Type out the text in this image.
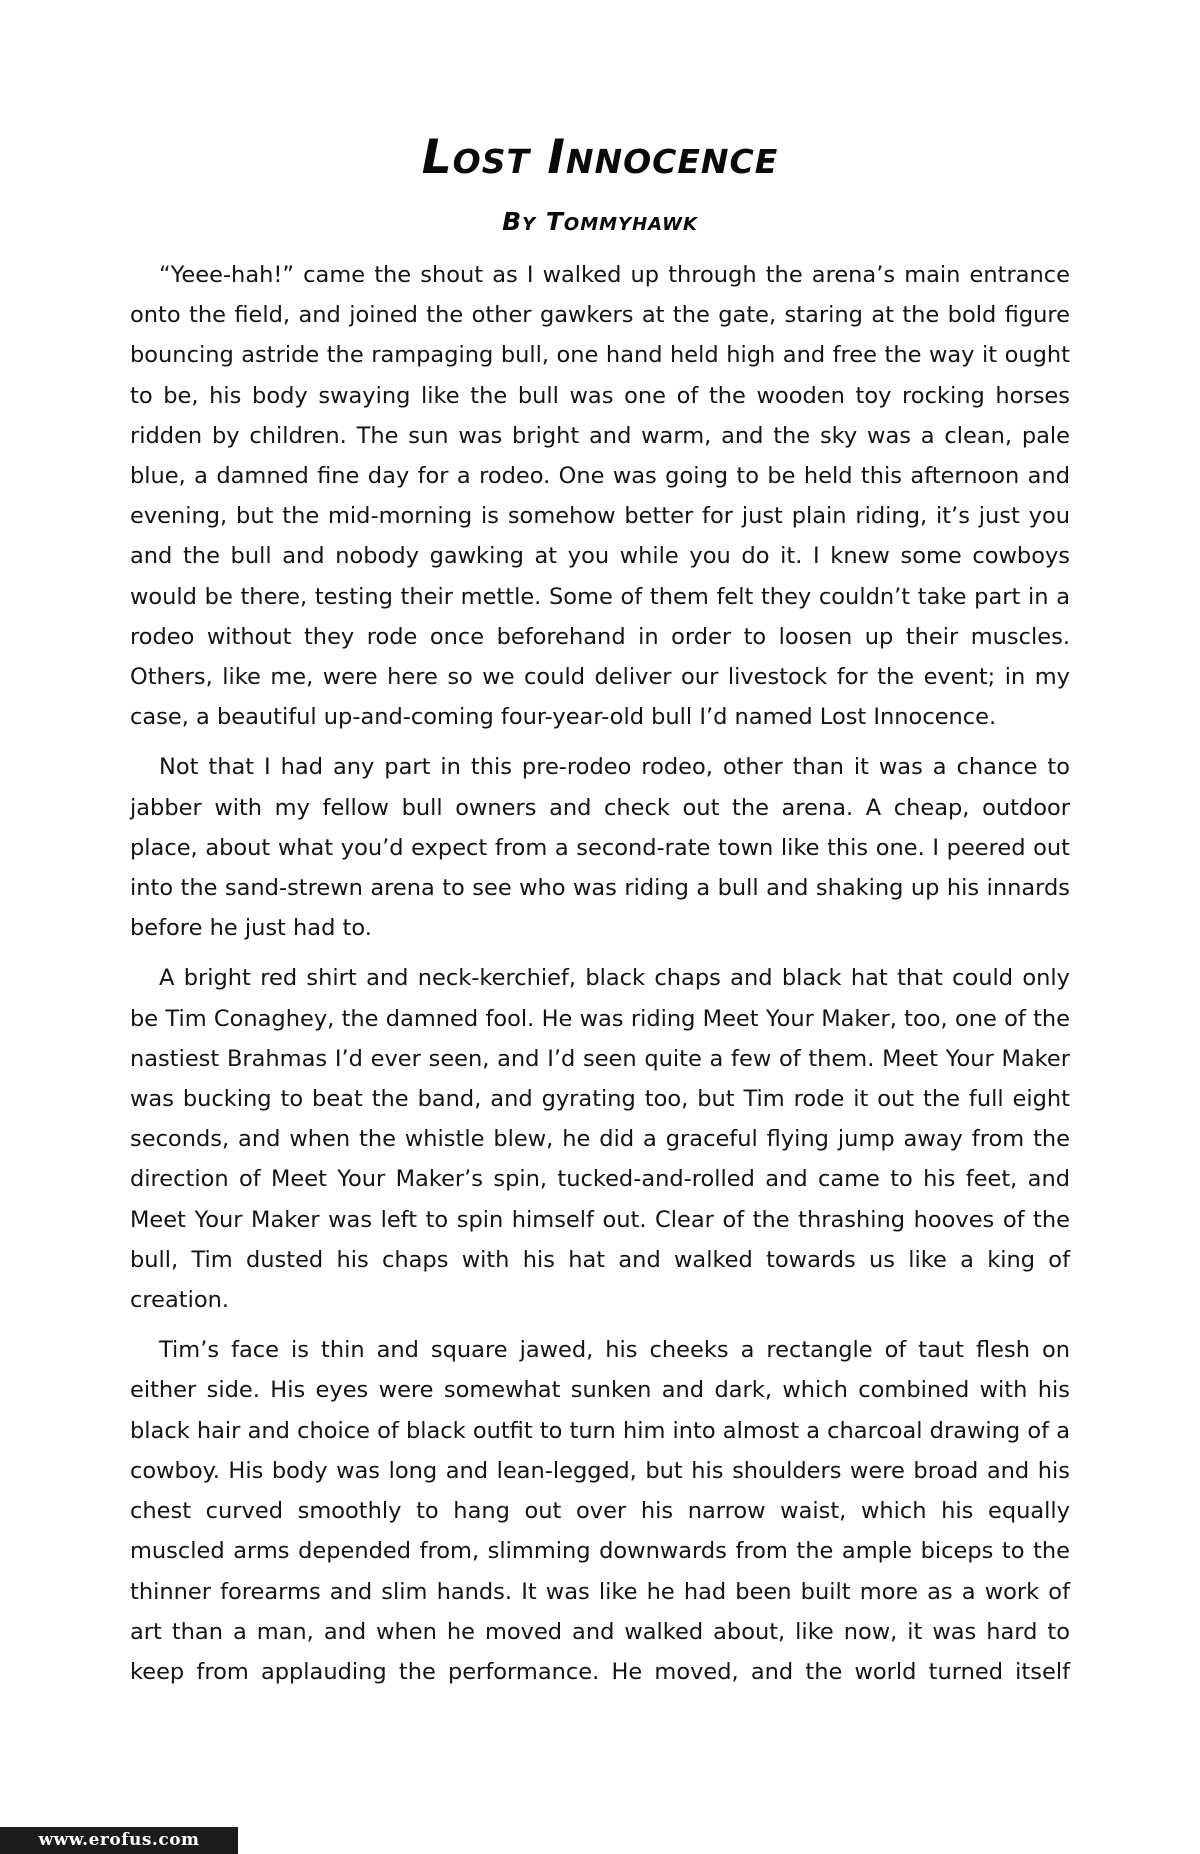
Lost Innocence
By Tommyhawk

“Yeee-hah!” came the shout as I walked up through the arena’s main entrance onto the field, and joined the other gawkers at the gate, staring at the bold figure bouncing astride the rampaging bull, one hand held high and free the way it ought to be, his body swaying like the bull was one of the wooden toy rocking horses ridden by children. The sun was bright and warm, and the sky was a clean, pale blue, a damned fine day for a rodeo. One was going to be held this afternoon and evening, but the mid-morning is somehow better for just plain riding, it’s just you and the bull and nobody gawking at you while you do it. I knew some cowboys would be there, testing their mettle. Some of them felt they couldn’t take part in a rodeo without they rode once beforehand in order to loosen up their muscles. Others, like me, were here so we could deliver our livestock for the event; in my case, a beautiful up-and-coming four-year-old bull I’d named Lost Innocence.

Not that I had any part in this pre-rodeo rodeo, other than it was a chance to jabber with my fellow bull owners and check out the arena. A cheap, outdoor place, about what you’d expect from a second-rate town like this one. I peered out into the sand-strewn arena to see who was riding a bull and shaking up his innards before he just had to.

A bright red shirt and neck-kerchief, black chaps and black hat that could only be Tim Conaghey, the damned fool. He was riding Meet Your Maker, too, one of the nastiest Brahmas I’d ever seen, and I’d seen quite a few of them. Meet Your Maker was bucking to beat the band, and gyrating too, but Tim rode it out the full eight seconds, and when the whistle blew, he did a graceful flying jump away from the direction of Meet Your Maker’s spin, tucked-and-rolled and came to his feet, and Meet Your Maker was left to spin himself out. Clear of the thrashing hooves of the bull, Tim dusted his chaps with his hat and walked towards us like a king of creation.

Tim’s face is thin and square jawed, his cheeks a rectangle of taut flesh on either side. His eyes were somewhat sunken and dark, which combined with his black hair and choice of black outfit to turn him into almost a charcoal drawing of a cowboy. His body was long and lean-legged, but his shoulders were broad and his chest curved smoothly to hang out over his narrow waist, which his equally muscled arms depended from, slimming downwards from the ample biceps to the thinner forearms and slim hands. It was like he had been built more as a work of art than a man, and when he moved and walked about, like now, it was hard to keep from applauding the performance. He moved, and the world turned itself

www.erofus.com
